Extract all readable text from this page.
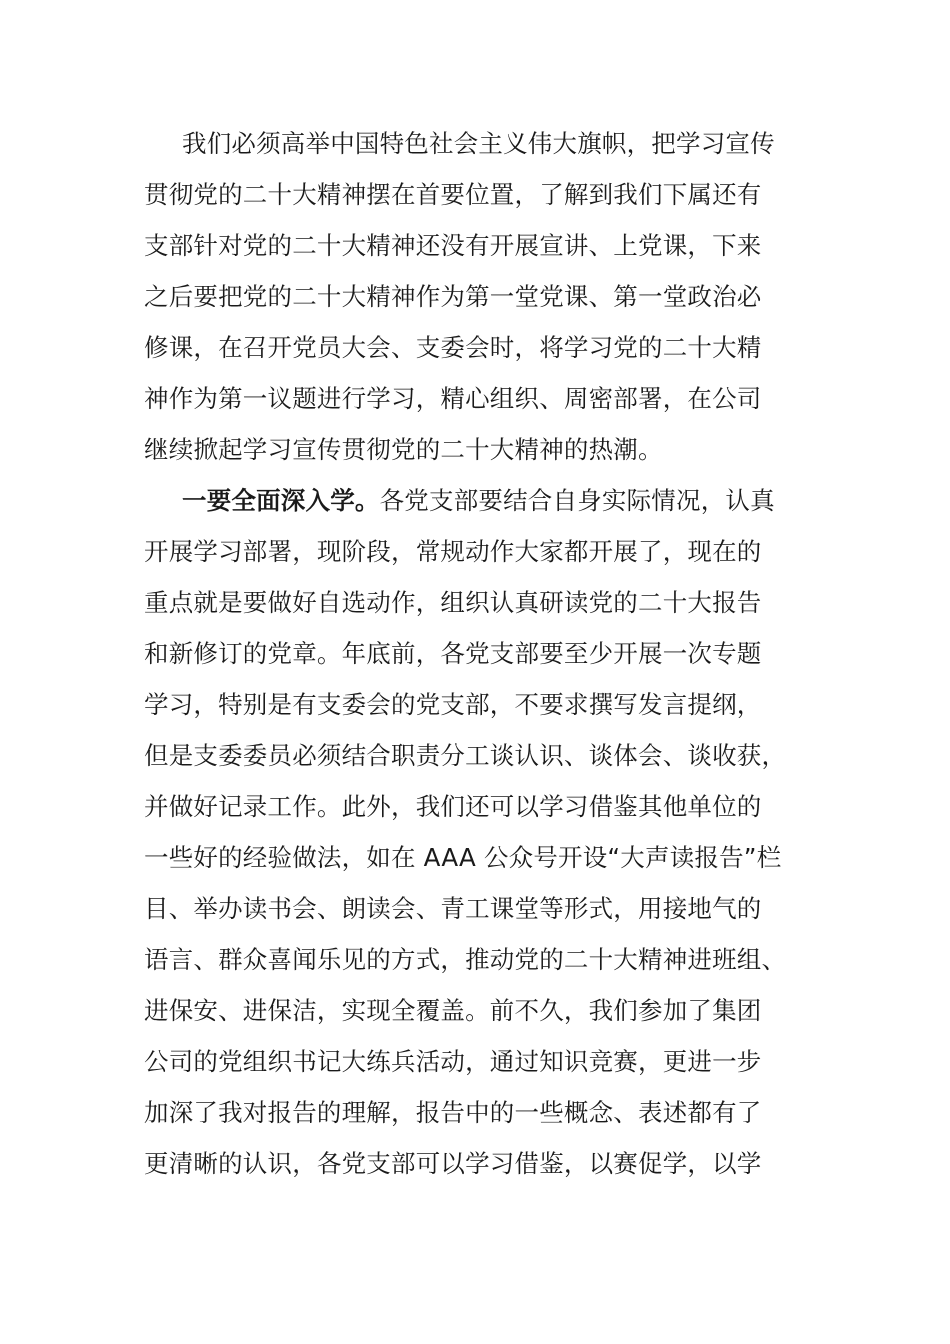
我们必须高举中国特色社会主义伟大旗帜，把学习宣传
贯彻党的二十大精神摆在首要位置，了解到我们下属还有
支部针对党的二十大精神还没有开展宣讲、上党课，下来
之后要把党的二十大精神作为第一堂党课、第一堂政治必
修课，在召开党员大会、支委会时，将学习党的二十大精
神作为第一议题进行学习，精心组织、周密部署，在公司
继续掀起学习宣传贯彻党的二十大精神的热潮。
一要全面深入学。各党支部要结合自身实际情况，认真
开展学习部署，现阶段，常规动作大家都开展了，现在的
重点就是要做好自选动作，组织认真研读党的二十大报告
和新修订的党章。年底前，各党支部要至少开展一次专题
学习，特别是有支委会的党支部，不要求撰写发言提纲，
但是支委委员必须结合职责分工谈认识、谈体会、谈收获，
并做好记录工作。此外，我们还可以学习借鉴其他单位的
一些好的经验做法，如在 AAA 公众号开设“大声读报告”栏
目、举办读书会、朗读会、青工课堂等形式，用接地气的
语言、群众喜闻乐见的方式，推动党的二十大精神进班组、
进保安、进保洁，实现全覆盖。前不久，我们参加了集团
公司的党组织书记大练兵活动，通过知识竞赛，更进一步
加深了我对报告的理解，报告中的一些概念、表述都有了
更清晰的认识，各党支部可以学习借鉴，以赛促学，以学
